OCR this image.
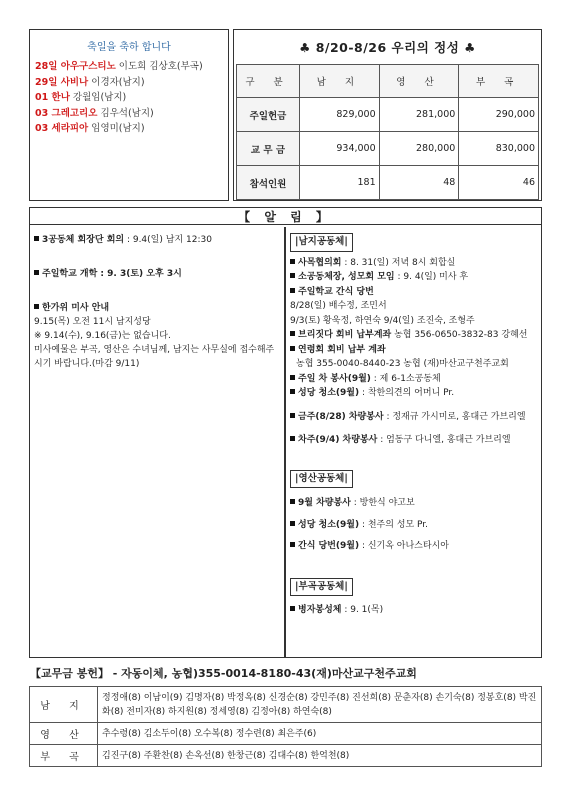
축일을 축하 합니다
28일 아우구스티노 이도희 김상호(부곡)
29일 사비나 이경자(남지)
01 한나 강월임(남지)
03 그레고리오 김우석(남지)
03 세라피아 임영미(남지)
♣ 8/20-8/26 우리의 정성 ♣
구 분	남 지	영 산	부 곡
주일헌금	829,000	281,000	290,000
교 무 금	934,000	280,000	830,000
참석인원	181	48	46
【 알 림 】
3공동체 회장단 회의 : 9.4(일) 남지 12:30
주일학교 개학 : 9. 3(토) 오후 3시
한가위 미사 안내
9.15(목) 오전 11시 남지성당
※ 9.14(수), 9.16(금)는 없습니다.
미사예물은 부곡, 영산은 수녀님께, 남지는 사무실에 접수해주시기 바랍니다.(마감 9/11)
|남지공동체|
사목협의회 : 8. 31(일) 저녁 8시 회합실
소공동체장, 성모회 모임 : 9. 4(일) 미사 후
주일학교 간식 당번
8/28(일) 배수정, 조민서
9/3(토) 황욱정, 하연숙 9/4(일) 조진숙, 조형주
브리짓다 회비 납부계좌 농협 356-0650-3832-83 강혜선
연령회 회비 납부 계좌
농협 355-0040-8440-23 농협 (재)마산교구천주교회
주일 차 봉사(9월) : 제 6-1소공동체
성당 청소(9월) : 착한의견의 어머니 Pr.
금주(8/28) 차량봉사 : 정재규 가시미로, 홍대근 가브리엘
차주(9/4) 차량봉사 : 엄동구 다니엘, 홍대근 가브리엘
|영산공동체|
9월 차량봉사 : 방한식 야고보
성당 청소(9월) : 천주의 성모 Pr.
간식 당번(9월) : 신기옥 아나스타시아
|부곡공동체|
병자봉성체 : 9. 1(목)
【교무금 봉헌】 - 자동이체, 농협)355-0014-8180-43(재)마산교구천주교회
남 지	정정애(8) 이남이(9) 김명자(8) 박정옥(8) 신경순(8) 강민주(8) 진선희(8) 문춘자(8) 손기숙(8) 정봉호(8) 박진화(8) 전미자(8) 하지원(8) 정세영(8) 김정아(8) 하연숙(8)
영 산	추수령(8) 김소두이(8) 오수복(8) 정수련(8) 최은주(6)
부 곡	김진구(8) 주환찬(8) 손옥선(8) 한창근(8) 김대수(8) 한억천(8)
